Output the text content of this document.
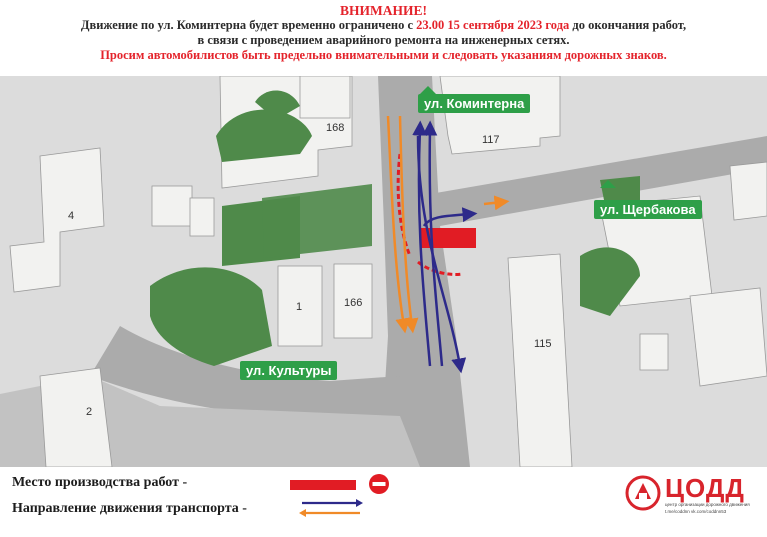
ВНИМАНИЕ!
Движение по ул. Коминтерна будет временно ограничено с 23.00 15 сентября 2023 года до окончания работ,
в связи с проведением аварийного ремонта на инженерных сетях.
Просим автомобилистов быть предельно внимательными и следовать указаниям дорожных знаков.
ул. Коминтерна
ул. Щербакова
ул. Культуры
168
117
4
1	166
115
2
Место производства работ -
Направление движения транспорта -
ЦОДД
центр организации дорожного движения
t.me/coddnn vk.com/coddnn53
